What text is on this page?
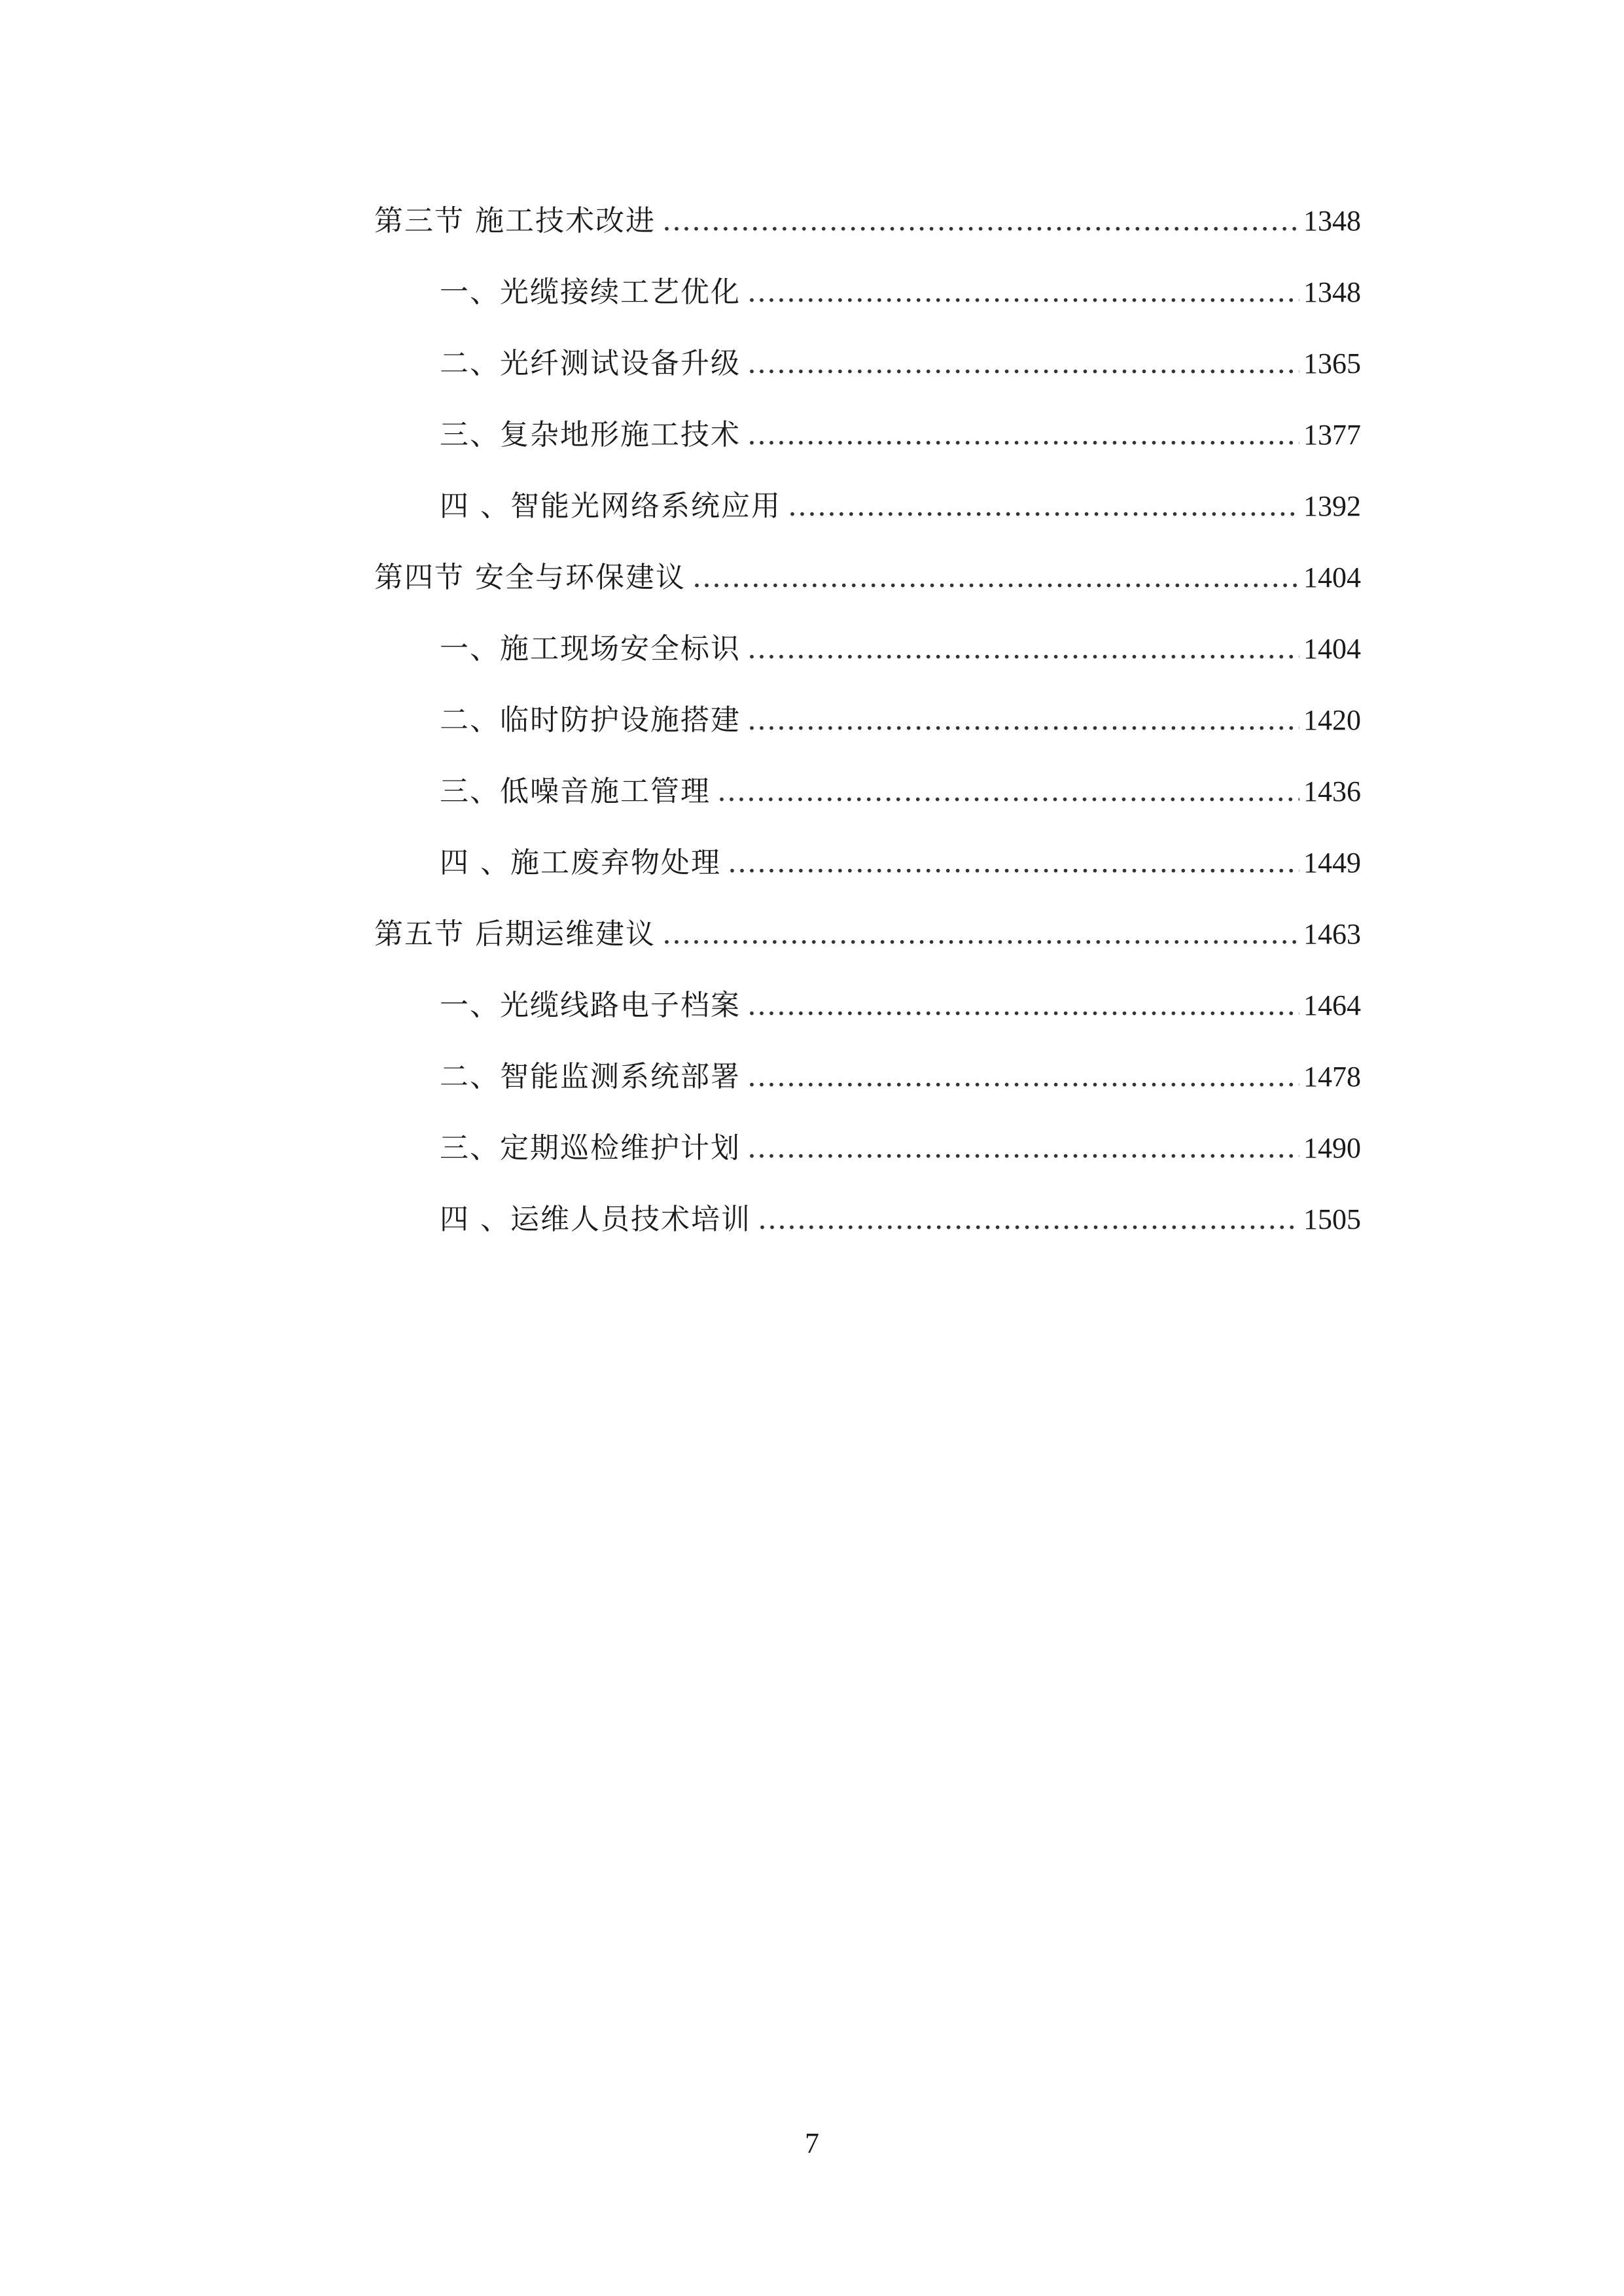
第三节 施工技术改进 .....	1348
一、光缆接续工艺优化 .....	1348
二、光纤测试设备升级 .....	1365
三、复杂地形施工技术 .....	1377
四 、智能光网络系统应用 .....	1392
第四节 安全与环保建议 .....	1404
一、施工现场安全标识 .....	1404
二、临时防护设施搭建 .....	1420
三、低噪音施工管理 .....	1436
四 、施工废弃物处理 .....	1449
第五节 后期运维建议 .....	1463
一、光缆线路电子档案 .....	1464
二、智能监测系统部署 .....	1478
三、定期巡检维护计划 .....	1490
四 、运维人员技术培训 .....	1505
7
